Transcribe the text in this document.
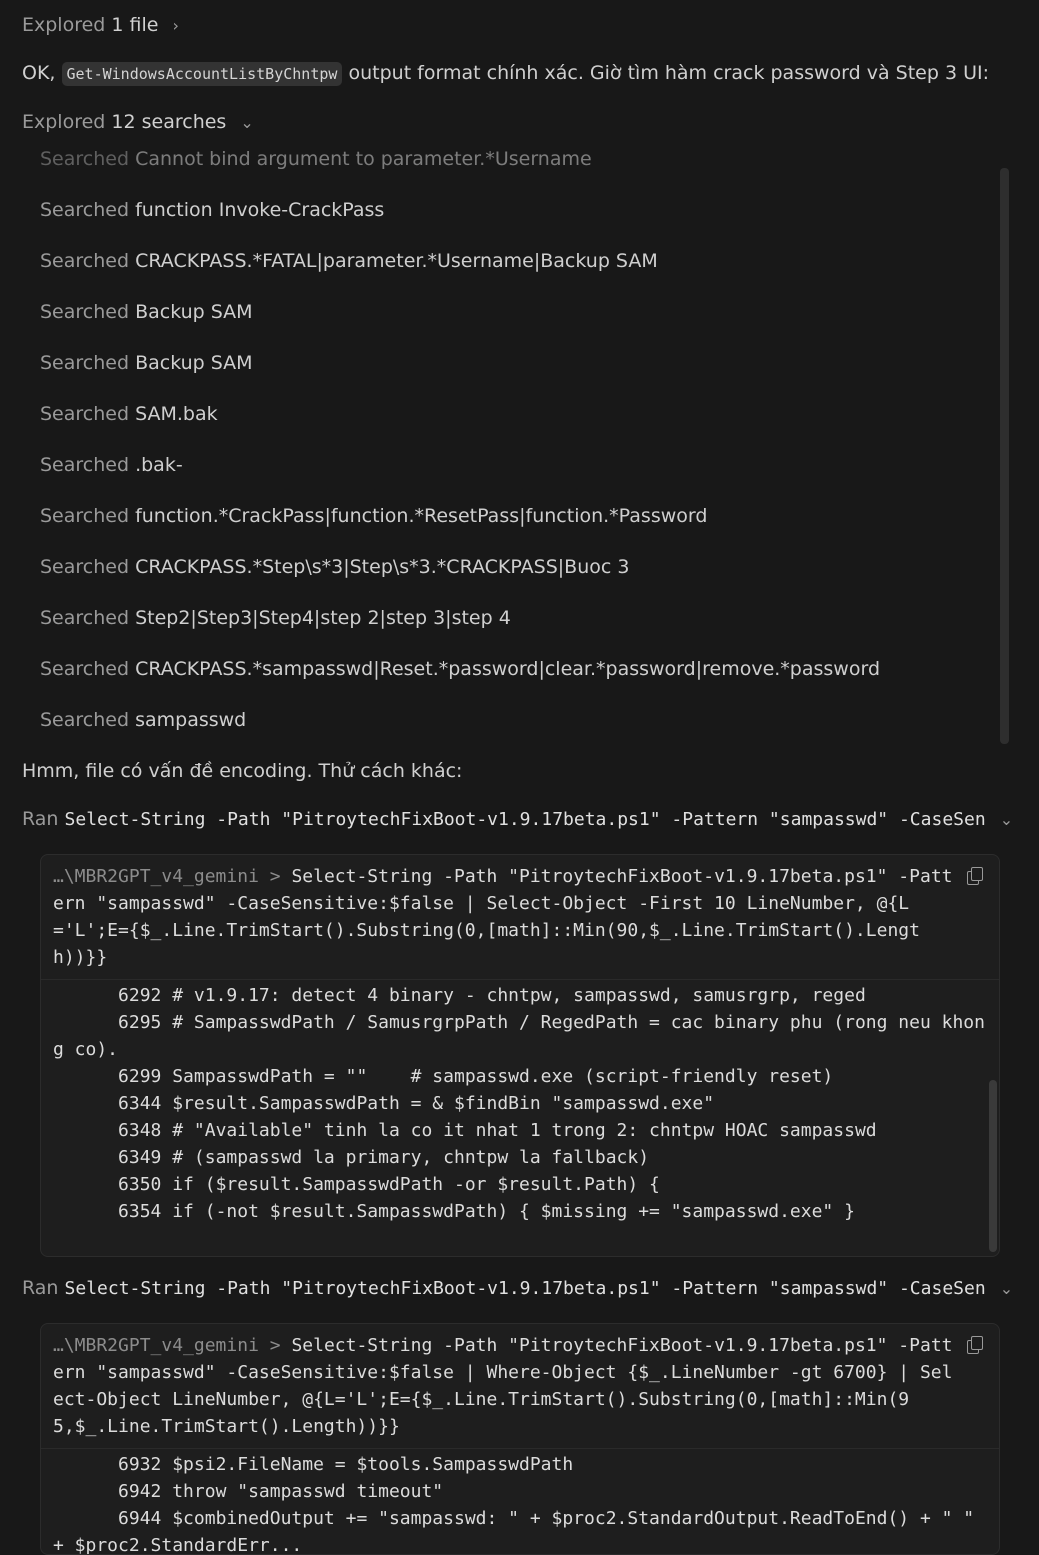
Explored 1 file ›
OK, Get-WindowsAccountListByChntpw output format chính xác. Giờ tìm hàm crack password và Step 3 UI:
Explored 12 searches ⌄
Searched Cannot bind argument to parameter.*Username
Searched function Invoke-CrackPass
Searched CRACKPASS.*FATAL|parameter.*Username|Backup SAM
Searched Backup SAM
Searched Backup SAM
Searched SAM.bak
Searched .bak-
Searched function.*CrackPass|function.*ResetPass|function.*Password
Searched CRACKPASS.*Step\s*3|Step\s*3.*CRACKPASS|Buoc 3
Searched Step2|Step3|Step4|step 2|step 3|step 4
Searched CRACKPASS.*sampasswd|Reset.*password|clear.*password|remove.*password
Searched sampasswd
Hmm, file có vấn đề encoding. Thử cách khác:
Ran Select-String -Path "PitroytechFixBoot-v1.9.17beta.ps1" -Pattern "sampasswd" -CaseSen ⌄
…\MBR2GPT_v4_gemini > Select-String -Path "PitroytechFixBoot-v1.9.17beta.ps1" -Pattern "sampasswd" -CaseSensitive:$false | Select-Object -First 10 LineNumber, @{L='L';E={$_.Line.TrimStart().Substring(0,[math]::Min(90,$_.Line.TrimStart().Length))}}
6292 # v1.9.17: detect 4 binary - chntpw, sampasswd, samusrgrp, reged
6295 # SampasswdPath / SamusrgrpPath / RegedPath = cac binary phu (rong neu khong co).
6299 SampasswdPath = ""    # sampasswd.exe (script-friendly reset)
6344 $result.SampasswdPath = & $findBin "sampasswd.exe"
6348 # "Available" tinh la co it nhat 1 trong 2: chntpw HOAC sampasswd
6349 # (sampasswd la primary, chntpw la fallback)
6350 if ($result.SampasswdPath -or $result.Path) {
6354 if (-not $result.SampasswdPath) { $missing += "sampasswd.exe" }
Ran Select-String -Path "PitroytechFixBoot-v1.9.17beta.ps1" -Pattern "sampasswd" -CaseSen ⌄
…\MBR2GPT_v4_gemini > Select-String -Path "PitroytechFixBoot-v1.9.17beta.ps1" -Pattern "sampasswd" -CaseSensitive:$false | Where-Object {$_.LineNumber -gt 6700} | Select-Object LineNumber, @{L='L';E={$_.Line.TrimStart().Substring(0,[math]::Min(95,$_.Line.TrimStart().Length))}}
6932 $psi2.FileName = $tools.SampasswdPath
6942 throw "sampasswd timeout"
6944 $combinedOutput += "sampasswd: " + $proc2.StandardOutput.ReadToEnd() + " " + $proc2.StandardErr...
